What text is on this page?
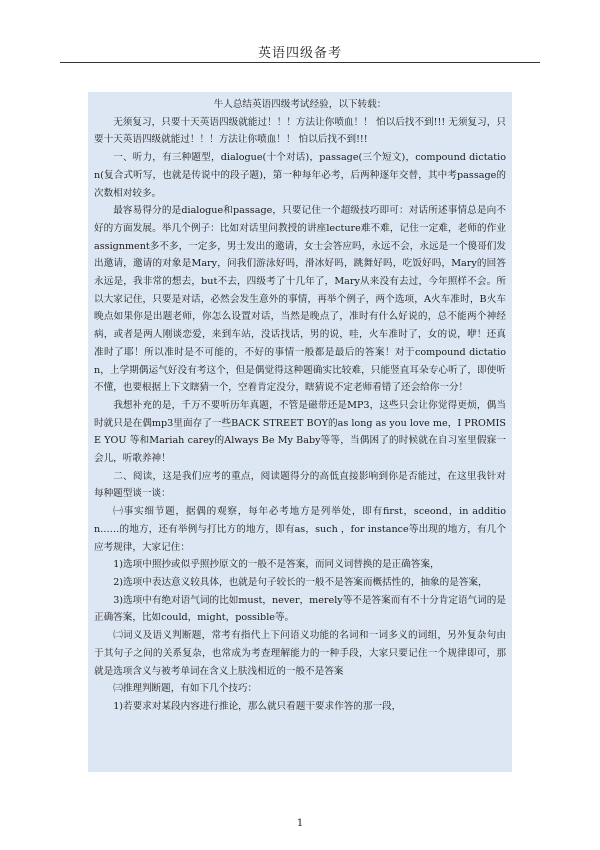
英语四级备考

牛人总结英语四级考试经验，以下转载：

无须复习，只要十天英语四级就能过！！！方法让你喷血！！ 怕以后找不到!!! 无须复习，只要十天英语四级就能过！！！方法让你喷血！！ 怕以后找不到!!!

一、听力，有三种题型，dialogue(十个对话)，passage(三个短文)，compound dictation(复合式听写，也就是传说中的段子题)，第一种每年必考，后两种逐年交替，其中考passage的次数相对较多。

最容易得分的是dialogue和passage，只要记住一个超级技巧即可：对话所述事情总是向不好的方面发展。举几个例子：比如对话里问教授的讲座lecture难不难，记住一定难，老师的作业assignment多不多，一定多，男士发出的邀请，女士会答应吗，永远不会，永远是一个傻哥们发出邀请，邀请的对象是Mary，问我们游泳好吗，滑冰好吗，跳舞好吗，吃饭好吗，Mary的回答永远是，我非常的想去，but不去，四级考了十几年了，Mary从来没有去过，今年照样不会。所以大家记住，只要是对话，必然会发生意外的事情，再举个例子，两个选项，A火车准时，B火车晚点如果你是出题老师，你怎么设置对话，当然是晚点了，准时有什么好说的，总不能两个神经病，或者是两人刚谈恋爱，来到车站，没话找话，男的说，哇，火车准时了，女的说，咿！还真准时了耶！所以准时是不可能的，不好的事情一般都是最后的答案！对于compound dictation，上学期偶运气好没有考这个，但是偶觉得这种题确实比较难，只能竖直耳朵专心听了，即使听不懂，也要根据上下文瞎猜一个，空着肯定没分，瞎猜说不定老师看错了还会给你一分！

我想补充的是，千万不要听历年真题，不管是磁带还是MP3，这些只会让你觉得更烦，偶当时就只是在偶mp3里面存了一些BACK STREET BOY的as long as you love me，I PROMISE YOU 等和Mariah carey的Always Be My Baby等等，当偶困了的时候就在自习室里假寐一会儿，听歌养神！

二、阅读，这是我们应考的重点，阅读题得分的高低直接影响到你是否能过，在这里我针对每种题型谈一谈：

㈠事实细节题，据偶的观察，每年必考地方是列举处，即有first，sceond，in addition……的地方，还有举例与打比方的地方，即有as，such ，for instance等出现的地方，有几个应考规律，大家记住：

1)选项中照抄或似乎照抄原文的一般不是答案，而同义词替换的是正确答案，

2)选项中表达意义较具体，也就是句子较长的一般不是答案而概括性的，抽象的是答案，

3)选项中有绝对语气词的比如must，never，merely等不是答案而有不十分肯定语气词的是正确答案，比如could，might，possible等。

㈡词义及语义判断题，常考有指代上下问语义功能的名词和一词多义的词组，另外复杂句由于其句子之间的关系复杂，也常成为考查理解能力的一种手段，大家只要记住一个规律即可，那就是选项含义与被考单词在含义上肤浅相近的一般不是答案

㈢推理判断题，有如下几个技巧：

1)若要求对某段内容进行推论，那么就只看题干要求作答的那一段，

1
